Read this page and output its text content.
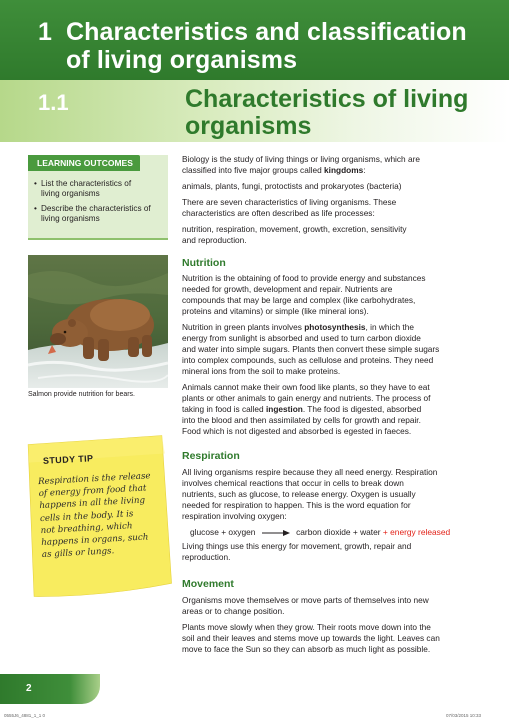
1 Characteristics and classification
of living organisms
1.1	Characteristics of living
organisms
LEARNING OUTCOMES
• List the characteristics of
living organisms
• Describe the characteristics of
living organisms
Biology is the study of living things or living organisms, which are
classified into five major groups called kingdoms:
animals, plants, fungi, protoctists and prokaryotes (bacteria)
There are seven characteristics of living organisms. These
characteristics are often described as life processes:
nutrition, respiration, movement, growth, excretion, sensitivity
and reproduction.
Salmon provide nutrition for bears.
STUDY TIP
Respiration is the release
of energy from food that
happens in all the living
cells in the body. It is
not breathing, which
happens in organs, such
as gills or lungs.
Nutrition
Nutrition is the obtaining of food to provide energy and substances
needed for growth, development and repair. Nutrients are
compounds that may be large and complex (like carbohydrates,
proteins and vitamins) or simple (like mineral ions).
Nutrition in green plants involves photosynthesis, in which the
energy from sunlight is absorbed and used to turn carbon dioxide
and water into simple sugars. Plants then convert these simple sugars
into complex compounds, such as cellulose and proteins. They need
mineral ions from the soil to make proteins.
Animals cannot make their own food like plants, so they have to eat
plants or other animals to gain energy and nutrients. The process of
taking in food is called ingestion. The food is digested, absorbed
into the blood and then assimilated by cells for growth and repair.
Food which is not digested and absorbed is egested in faeces.
Respiration
All living organisms respire because they all need energy. Respiration
involves chemical reactions that occur in cells to break down
nutrients, such as glucose, to release energy. Oxygen is usually
needed for respiration to happen. This is the word equation for
respiration involving oxygen:
glucose + oxygen	carbon dioxide + water + energy released
Living things use this energy for movement, growth, repair and
reproduction.
Movement
Organisms move themselves or move parts of themselves into new
areas or to change position.
Plants move slowly when they grow. Their roots move down into the
soil and their leaves and stems move up towards the light. Leaves can
move to face the Sun so they can absorb as much light as possible.
2
0555J6_4881_1_1 0	07/03/2015 10:33
